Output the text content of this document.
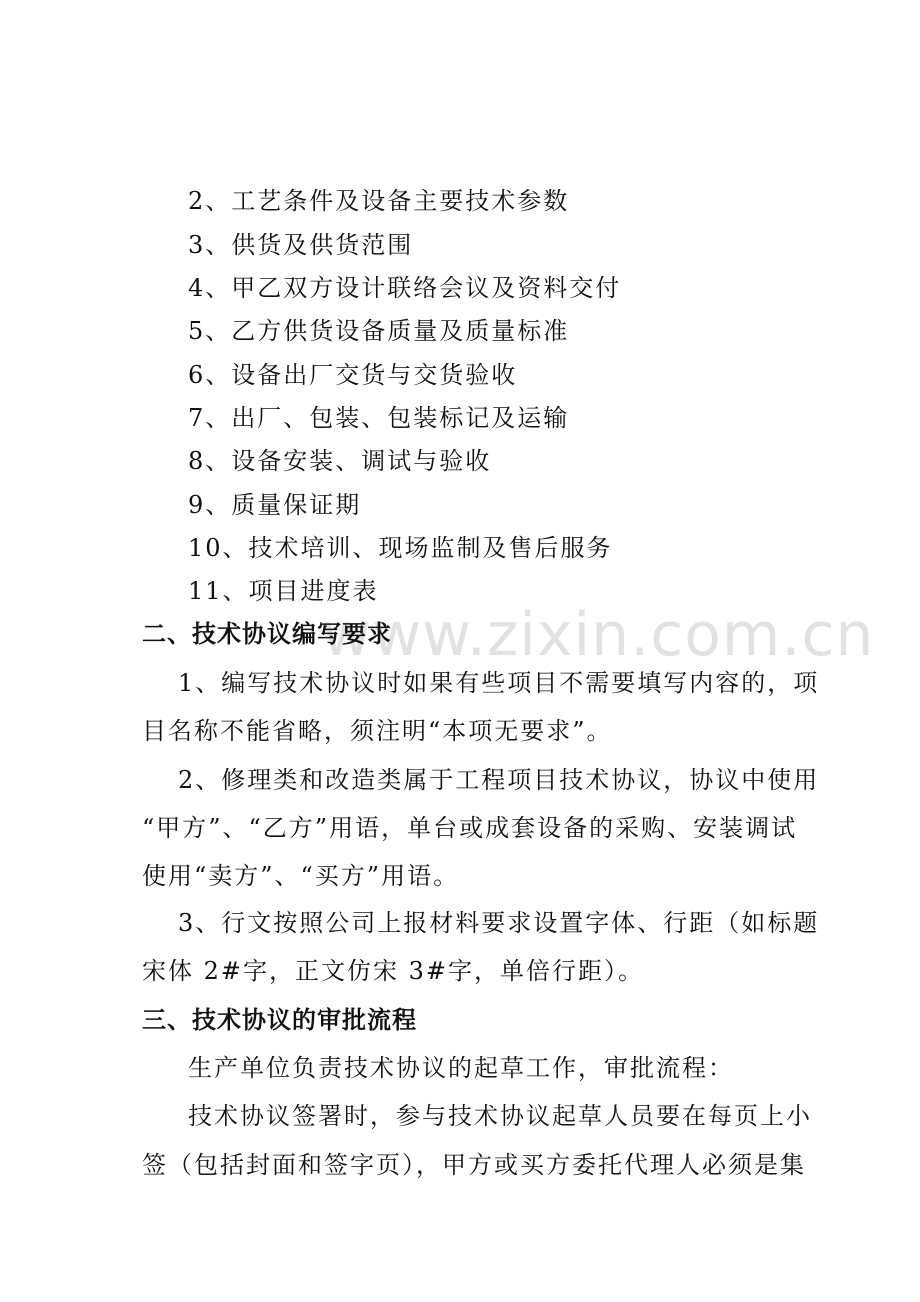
2、工艺条件及设备主要技术参数
3、供货及供货范围
4、甲乙双方设计联络会议及资料交付
5、乙方供货设备质量及质量标准
6、设备出厂交货与交货验收
7、出厂、包装、包装标记及运输
8、设备安装、调试与验收
9、质量保证期
10、技术培训、现场监制及售后服务
11、项目进度表
www.zixin.com.cn
二、技术协议编写要求
1、编写技术协议时如果有些项目不需要填写内容的，项
目名称不能省略，须注明“本项无要求”。
2、修理类和改造类属于工程项目技术协议，协议中使用
“甲方”、“乙方”用语，单台或成套设备的采购、安装调试
使用“卖方”、“买方”用语。
3、行文按照公司上报材料要求设置字体、行距（如标题
宋体 2#字，正文仿宋 3#字，单倍行距）。
三、技术协议的审批流程
生产单位负责技术协议的起草工作，审批流程：
技术协议签署时，参与技术协议起草人员要在每页上小
签（包括封面和签字页），甲方或买方委托代理人必须是集
